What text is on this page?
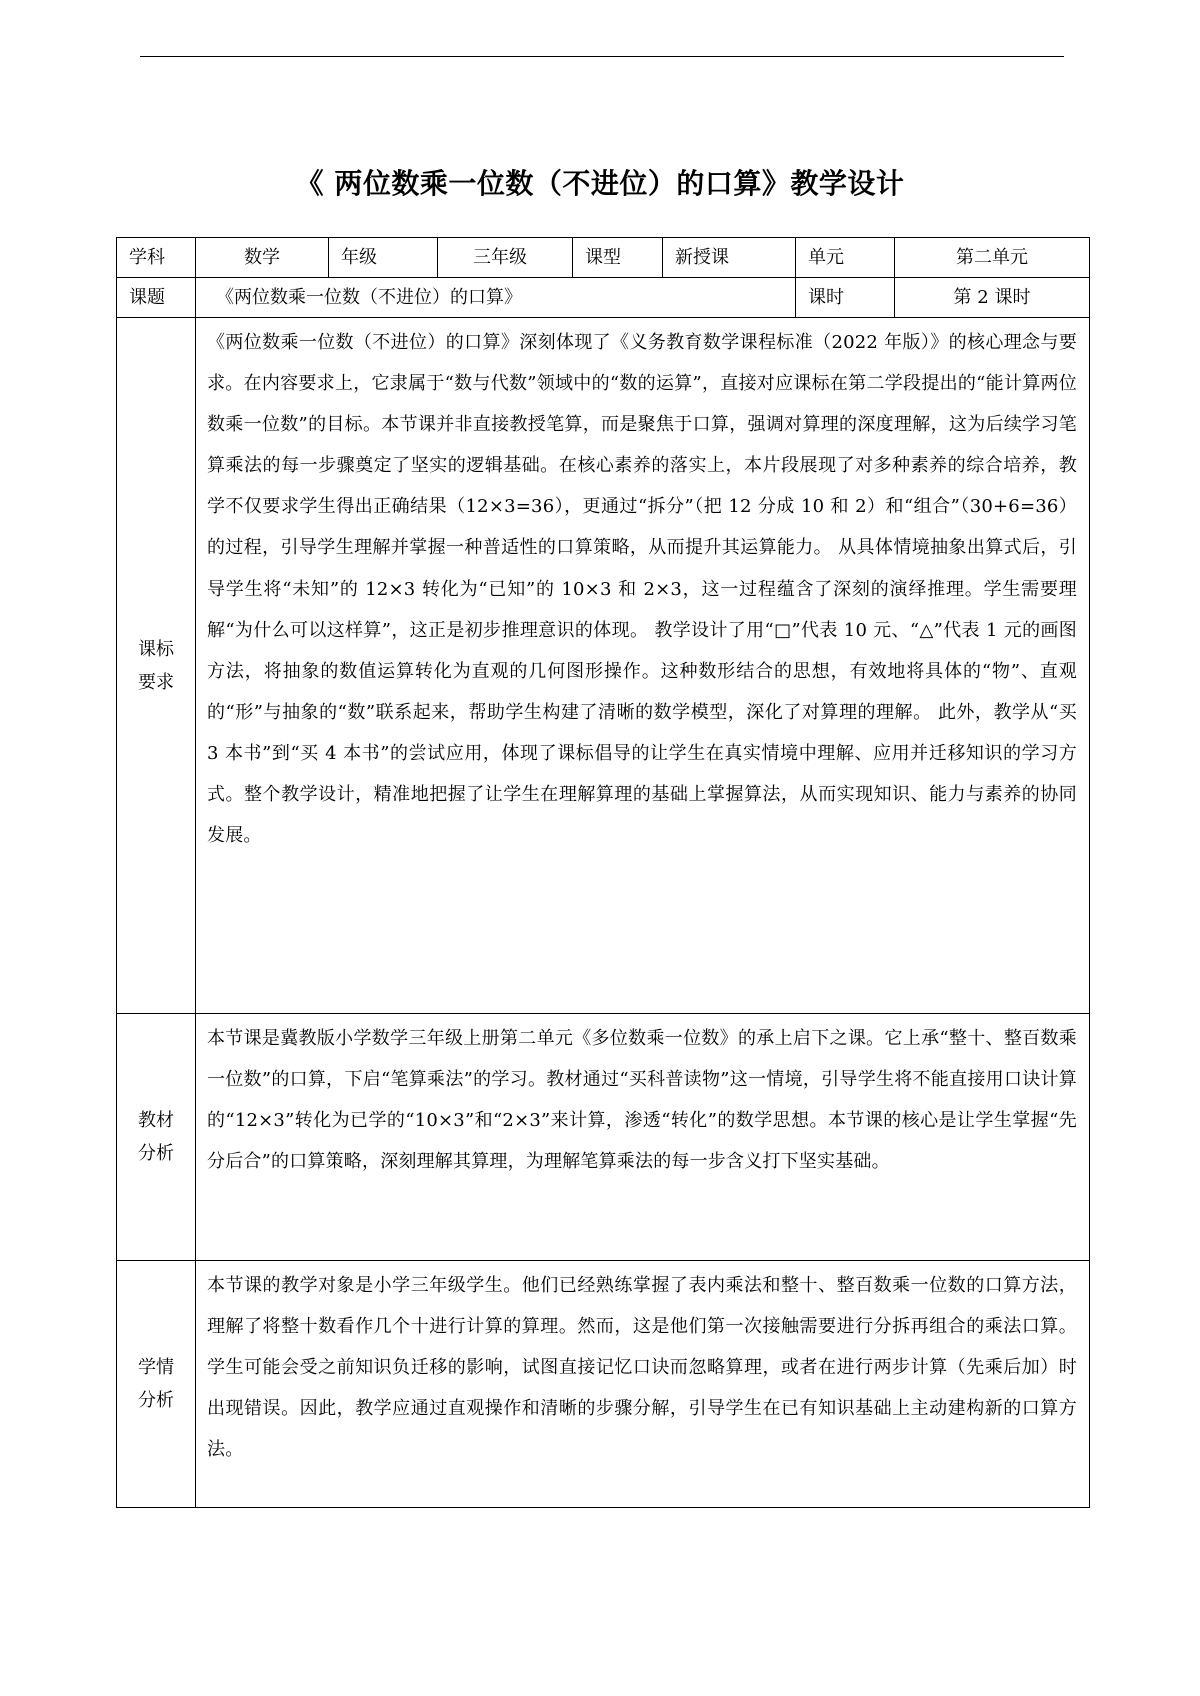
《 两位数乘一位数（不进位）的口算》教学设计
学科	数学	年级	三年级	课型	新授课	单元	第二单元
课题	《两位数乘一位数（不进位）的口算》					课时	第 2 课时

课标
要求	《两位数乘一位数（不进位）的口算》深刻体现了《义务教育数学课程标准（2022 年版）》的核心理念与要求。在内容要求上，它隶属于“数与代数”领域中的“数的运算”，直接对应课标在第二学段提出的“能计算两位数乘一位数”的目标。本节课并非直接教授笔算，而是聚焦于口算，强调对算理的深度理解，这为后续学习笔算乘法的每一步骤奠定了坚实的逻辑基础。在核心素养的落实上，本片段展现了对多种素养的综合培养，教学不仅要求学生得出正确结果（12×3=36），更通过“拆分”（把 12 分成 10 和 2）和“组合”（30+6=36）的过程，引导学生理解并掌握一种普适性的口算策略，从而提升其运算能力。 从具体情境抽象出算式后，引导学生将“未知”的 12×3 转化为“已知”的 10×3 和 2×3，这一过程蕴含了深刻的演绎推理。学生需要理解“为什么可以这样算”，这正是初步推理意识的体现。 教学设计了用“□”代表 10 元、“△”代表 1 元的画图方法，将抽象的数值运算转化为直观的几何图形操作。这种数形结合的思想，有效地将具体的“物”、直观的“形”与抽象的“数”联系起来，帮助学生构建了清晰的数学模型，深化了对算理的理解。 此外，教学从“买 3 本书”到“买 4 本书”的尝试应用，体现了课标倡导的让学生在真实情境中理解、应用并迁移知识的学习方式。整个教学设计，精准地把握了让学生在理解算理的基础上掌握算法，从而实现知识、能力与素养的协同发展。						

教材
分析	本节课是冀教版小学数学三年级上册第二单元《多位数乘一位数》的承上启下之课。它上承“整十、整百数乘一位数”的口算，下启“笔算乘法”的学习。教材通过“买科普读物”这一情境，引导学生将不能直接用口诀计算的“12×3”转化为已学的“10×3”和“2×3”来计算，渗透“转化”的数学思想。本节课的核心是让学生掌握“先分后合”的口算策略，深刻理解其算理，为理解笔算乘法的每一步含义打下坚实基础。						

学情
分析	本节课的教学对象是小学三年级学生。他们已经熟练掌握了表内乘法和整十、整百数乘一位数的口算方法，理解了将整十数看作几个十进行计算的算理。然而，这是他们第一次接触需要进行分拆再组合的乘法口算。学生可能会受之前知识负迁移的影响，试图直接记忆口诀而忽略算理，或者在进行两步计算（先乘后加）时出现错误。因此，教学应通过直观操作和清晰的步骤分解，引导学生在已有知识基础上主动建构新的口算方法。						
